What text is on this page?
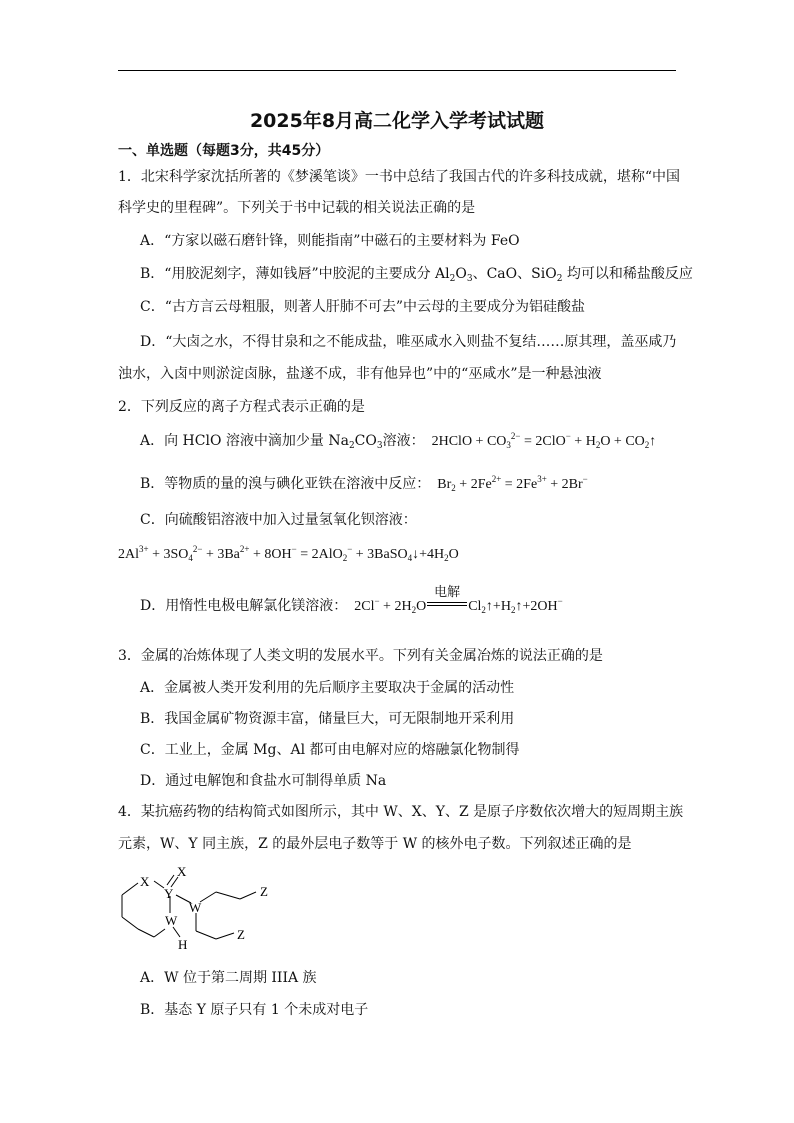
2025年8月高二化学入学考试试题
一、单选题（每题3分，共45分）
1．北宋科学家沈括所著的《梦溪笔谈》一书中总结了我国古代的许多科技成就，堪称“中国
科学史的里程碑”。下列关于书中记载的相关说法正确的是
A．“方家以磁石磨针锋，则能指南”中磁石的主要材料为 FeO
B．“用胶泥刻字，薄如钱唇”中胶泥的主要成分 $Al_2O_3$、CaO、SiO$_2$ 均可以和稀盐酸反应
C．“古方言云母粗服，则著人肝肺不可去”中云母的主要成分为铝硅酸盐
D．“大卤之水，不得甘泉和之不能成盐，唯巫咸水入则盐不复结……原其理，盖巫咸乃
浊水，入卤中则淤淀卤脉，盐遂不成，非有他异也”中的“巫咸水”是一种悬浊液
2．下列反应的离子方程式表示正确的是
A．向 HClO 溶液中滴加少量 $Na_2CO_3$溶液：  2HClO + $CO_3^{2-} = 2ClO^- + H_2O$ + $CO_2↑$
B．等物质的量的溴与碘化亚铁在溶液中反应：  $Br_2 + 2Fe^{2+} = 2Fe^{3+} + 2Br^-$
C．向硫酸铝溶液中加入过量氢氧化钡溶液：
$2Al^{3+} + 3SO_4^{2-} + 3Ba^{2+} + 8OH^- = 2AlO_2^-$ + $3BaSO_4↓+4H_2O$
D．用惰性电极电解氯化镁溶液：  $2Cl^- + 2H_2O$
电解
$Cl_2↑+H_2↑+2OH^-$
3．金属的冶炼体现了人类文明的发展水平。下列有关金属冶炼的说法正确的是
A．金属被人类开发利用的先后顺序主要取决于金属的活动性
B．我国金属矿物资源丰富，储量巨大，可无限制地开采利用
C．工业上，金属 Mg、Al 都可由电解对应的熔融氯化物制得
D．通过电解饱和食盐水可制得单质 Na
4．某抗癌药物的结构简式如图所示，其中 W、X、Y、Z 是原子序数依次增大的短周期主族
元素，W、Y 同主族，Z 的最外层电子数等于 W 的核外电子数。下列叙述正确的是
X
X
Y
W
W
H
Z
Z
A．W 位于第二周期 IIIA 族
B．基态 Y 原子只有 1 个未成对电子
